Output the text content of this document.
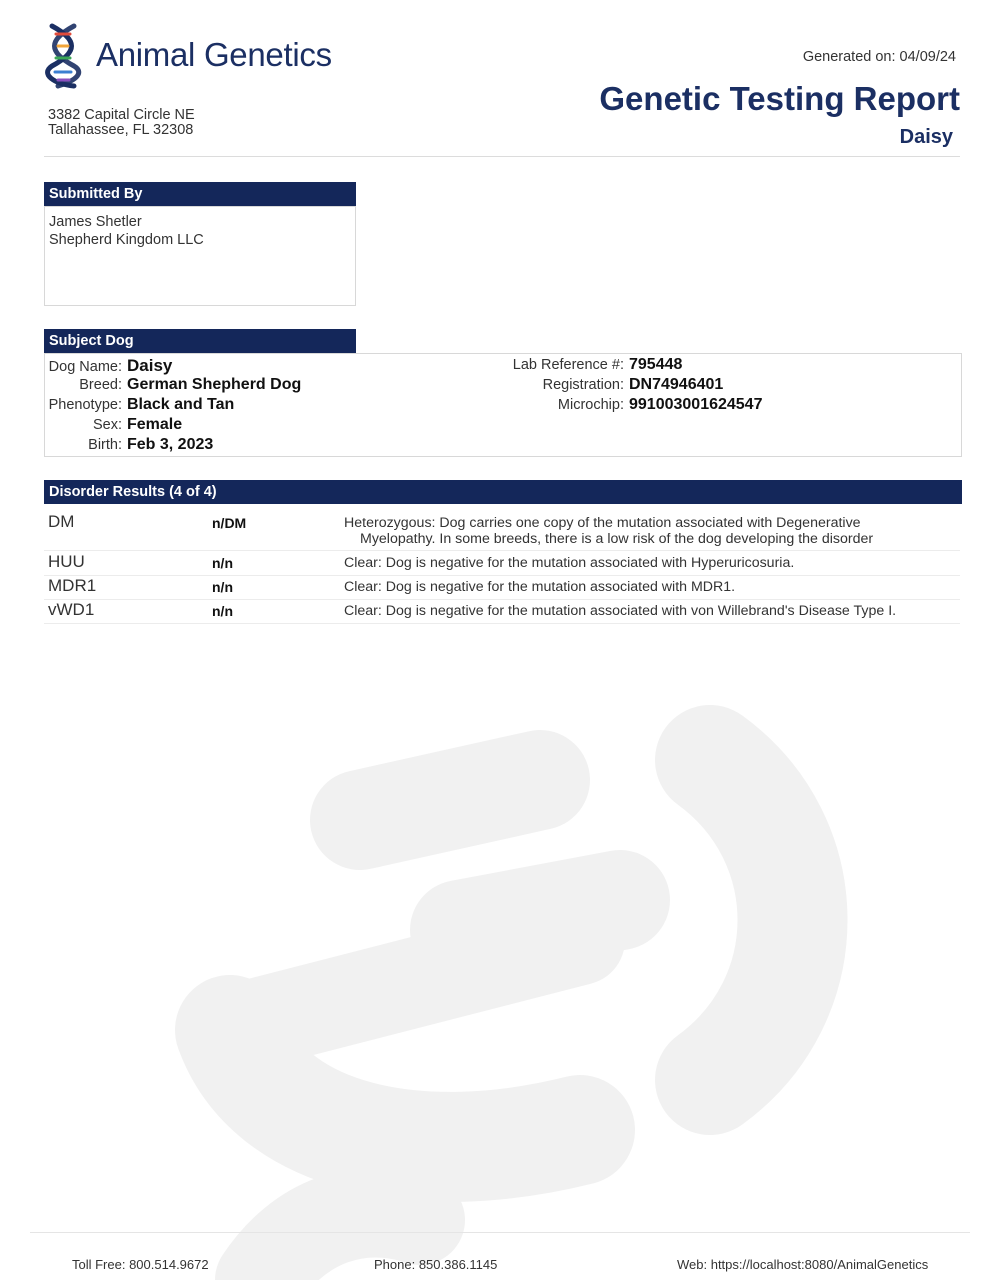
Animal Genetics
3382 Capital Circle NE
Tallahassee, FL 32308
Generated on: 04/09/24
Genetic Testing Report
Daisy
Submitted By
James Shetler
Shepherd Kingdom LLC
Subject Dog
Dog Name: Daisy
Breed: German Shepherd Dog
Phenotype: Black and Tan
Sex: Female
Birth: Feb 3, 2023
Lab Reference #: 795448
Registration: DN74946401
Microchip: 991003001624547
Disorder Results (4 of 4)
DM	n/DM	Heterozygous: Dog carries one copy of the mutation associated with Degenerative
Myelopathy. In some breeds, there is a low risk of the dog developing the disorder
HUU	n/n	Clear: Dog is negative for the mutation associated with Hyperuricosuria.
MDR1	n/n	Clear: Dog is negative for the mutation associated with MDR1.
vWD1	n/n	Clear: Dog is negative for the mutation associated with von Willebrand's Disease Type I.
Toll Free: 800.514.9672	Phone: 850.386.1145	Web: https://localhost:8080/AnimalGenetics
